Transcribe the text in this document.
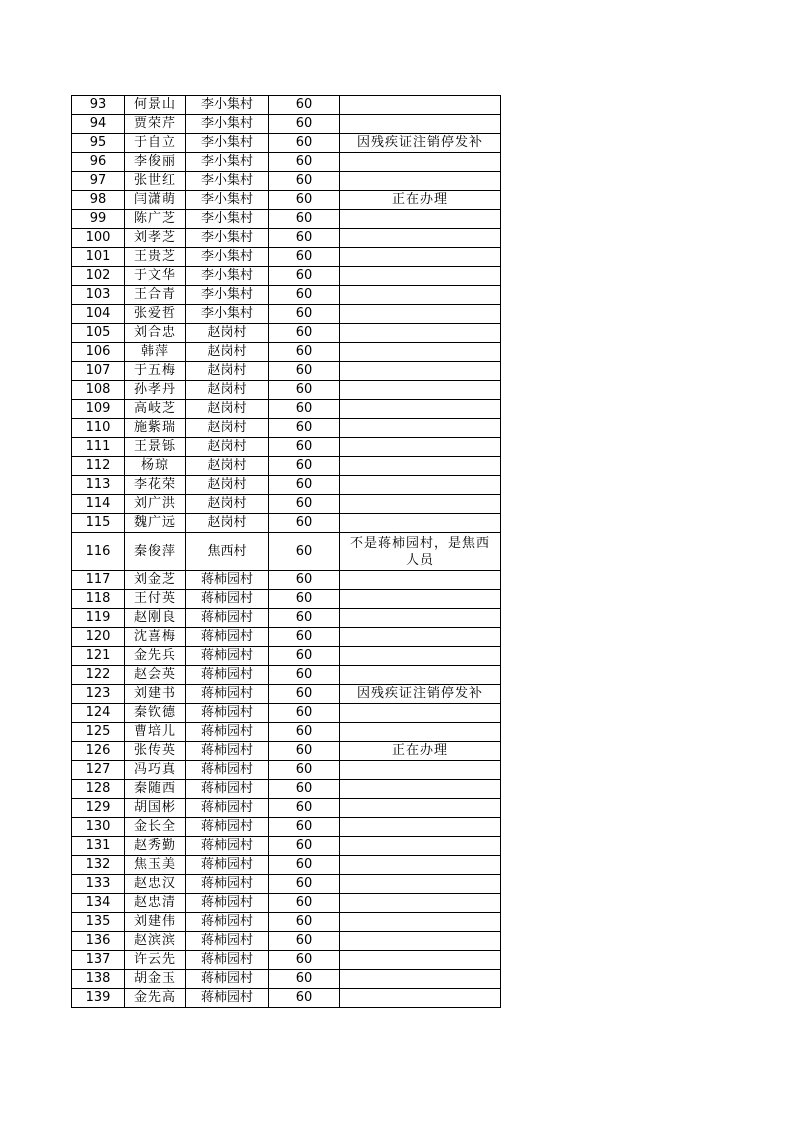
93	何景山	李小集村	60	
94	贾荣芹	李小集村	60	
95	于自立	李小集村	60	因残疾证注销停发补
96	李俊丽	李小集村	60	
97	张世红	李小集村	60	
98	闫潇萌	李小集村	60	正在办理
99	陈广芝	李小集村	60	
100	刘孝芝	李小集村	60	
101	王贵芝	李小集村	60	
102	于文华	李小集村	60	
103	王合青	李小集村	60	
104	张爱哲	李小集村	60	
105	刘合忠	赵岗村	60	
106	韩萍	赵岗村	60	
107	于五梅	赵岗村	60	
108	孙孝丹	赵岗村	60	
109	高岐芝	赵岗村	60	
110	施紫瑞	赵岗村	60	
111	王景铄	赵岗村	60	
112	杨琼	赵岗村	60	
113	李花荣	赵岗村	60	
114	刘广洪	赵岗村	60	
115	魏广远	赵岗村	60	
116	秦俊萍	焦西村	60	不是蒋柿园村，是焦西人员
117	刘金芝	蒋柿园村	60	
118	王付英	蒋柿园村	60	
119	赵刚良	蒋柿园村	60	
120	沈喜梅	蒋柿园村	60	
121	金先兵	蒋柿园村	60	
122	赵会英	蒋柿园村	60	
123	刘建书	蒋柿园村	60	因残疾证注销停发补
124	秦钦德	蒋柿园村	60	
125	曹培儿	蒋柿园村	60	
126	张传英	蒋柿园村	60	正在办理
127	冯巧真	蒋柿园村	60	
128	秦随西	蒋柿园村	60	
129	胡国彬	蒋柿园村	60	
130	金长全	蒋柿园村	60	
131	赵秀勤	蒋柿园村	60	
132	焦玉美	蒋柿园村	60	
133	赵忠汉	蒋柿园村	60	
134	赵忠清	蒋柿园村	60	
135	刘建伟	蒋柿园村	60	
136	赵滨滨	蒋柿园村	60	
137	许云先	蒋柿园村	60	
138	胡金玉	蒋柿园村	60	
139	金先高	蒋柿园村	60	
